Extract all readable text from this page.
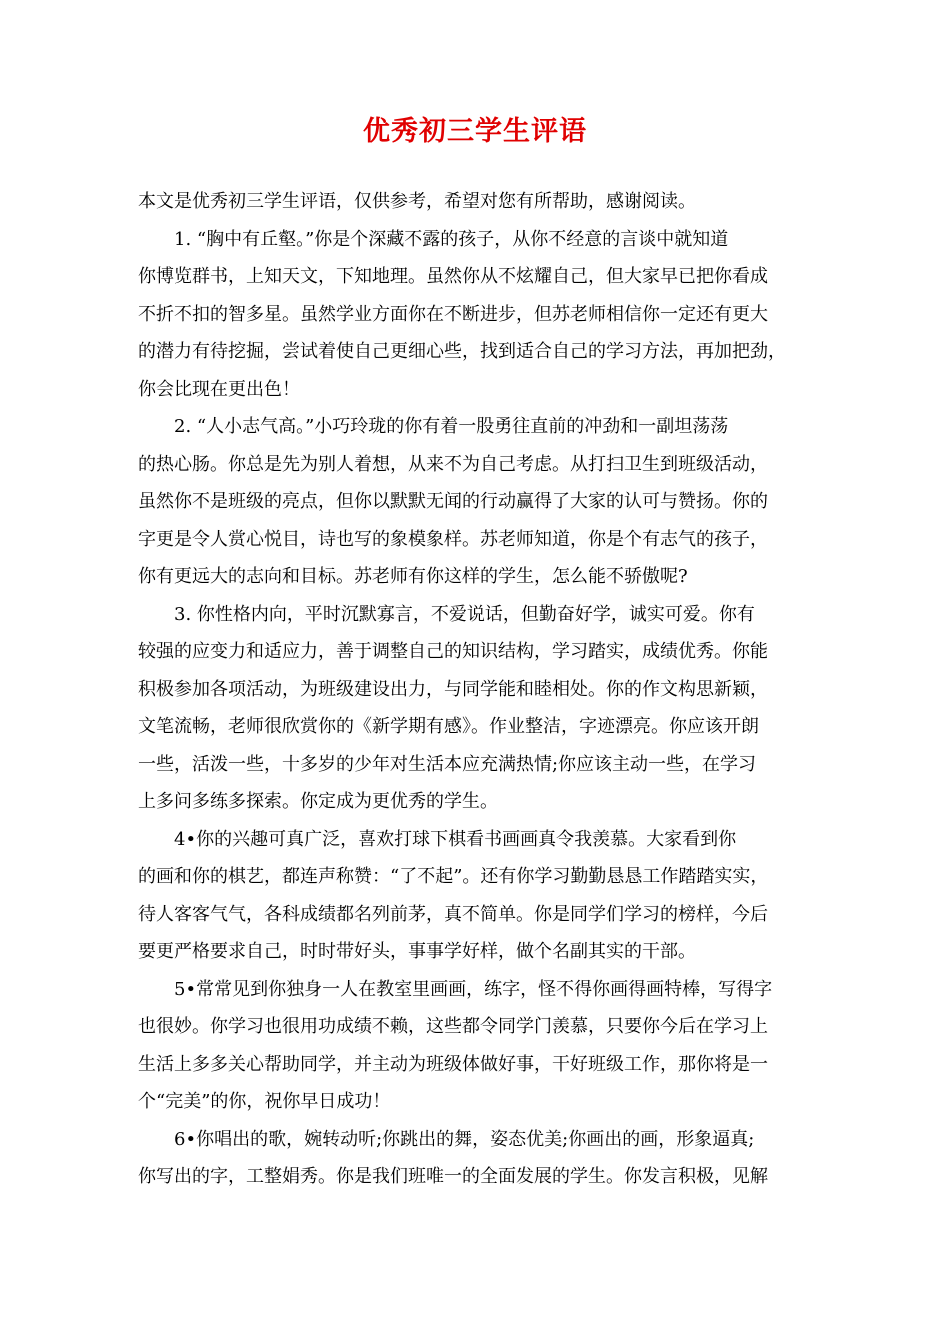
优秀初三学生评语
本文是优秀初三学生评语，仅供参考，希望对您有所帮助，感谢阅读。
1. “胸中有丘壑。”你是个深藏不露的孩子，从你不经意的言谈中就知道
你博览群书，上知天文，下知地理。虽然你从不炫耀自己，但大家早已把你看成
不折不扣的智多星。虽然学业方面你在不断进步，但苏老师相信你一定还有更大
的潜力有待挖掘，尝试着使自己更细心些，找到适合自己的学习方法，再加把劲，
你会比现在更出色！
2. “人小志气高。”小巧玲珑的你有着一股勇往直前的冲劲和一副坦荡荡
的热心肠。你总是先为别人着想，从来不为自己考虑。从打扫卫生到班级活动，
虽然你不是班级的亮点，但你以默默无闻的行动赢得了大家的认可与赞扬。你的
字更是令人赏心悦目，诗也写的象模象样。苏老师知道，你是个有志气的孩子，
你有更远大的志向和目标。苏老师有你这样的学生，怎么能不骄傲呢?
3. 你性格内向，平时沉默寡言，不爱说话，但勤奋好学，诚实可爱。你有
较强的应变力和适应力，善于调整自己的知识结构，学习踏实，成绩优秀。你能
积极参加各项活动，为班级建设出力，与同学能和睦相处。你的作文构思新颖，
文笔流畅，老师很欣赏你的《新学期有感》。作业整洁，字迹漂亮。你应该开朗
一些，活泼一些，十多岁的少年对生活本应充满热情;你应该主动一些，在学习
上多问多练多探索。你定成为更优秀的学生。
4•你的兴趣可真广泛，喜欢打球下棋看书画画真令我羡慕。大家看到你
的画和你的棋艺，都连声称赞：“了不起”。还有你学习勤勤恳恳工作踏踏实实，
待人客客气气，各科成绩都名列前茅，真不简单。你是同学们学习的榜样，今后
要更严格要求自己，时时带好头，事事学好样，做个名副其实的干部。
5•常常见到你独身一人在教室里画画，练字，怪不得你画得画特棒，写得字
也很妙。你学习也很用功成绩不赖，这些都令同学门羡慕，只要你今后在学习上
生活上多多关心帮助同学，并主动为班级体做好事，干好班级工作，那你将是一
个“完美”的你，祝你早日成功！
6•你唱出的歌，婉转动听;你跳出的舞，姿态优美;你画出的画，形象逼真;
你写出的字，工整娟秀。你是我们班唯一的全面发展的学生。你发言积极，见解
